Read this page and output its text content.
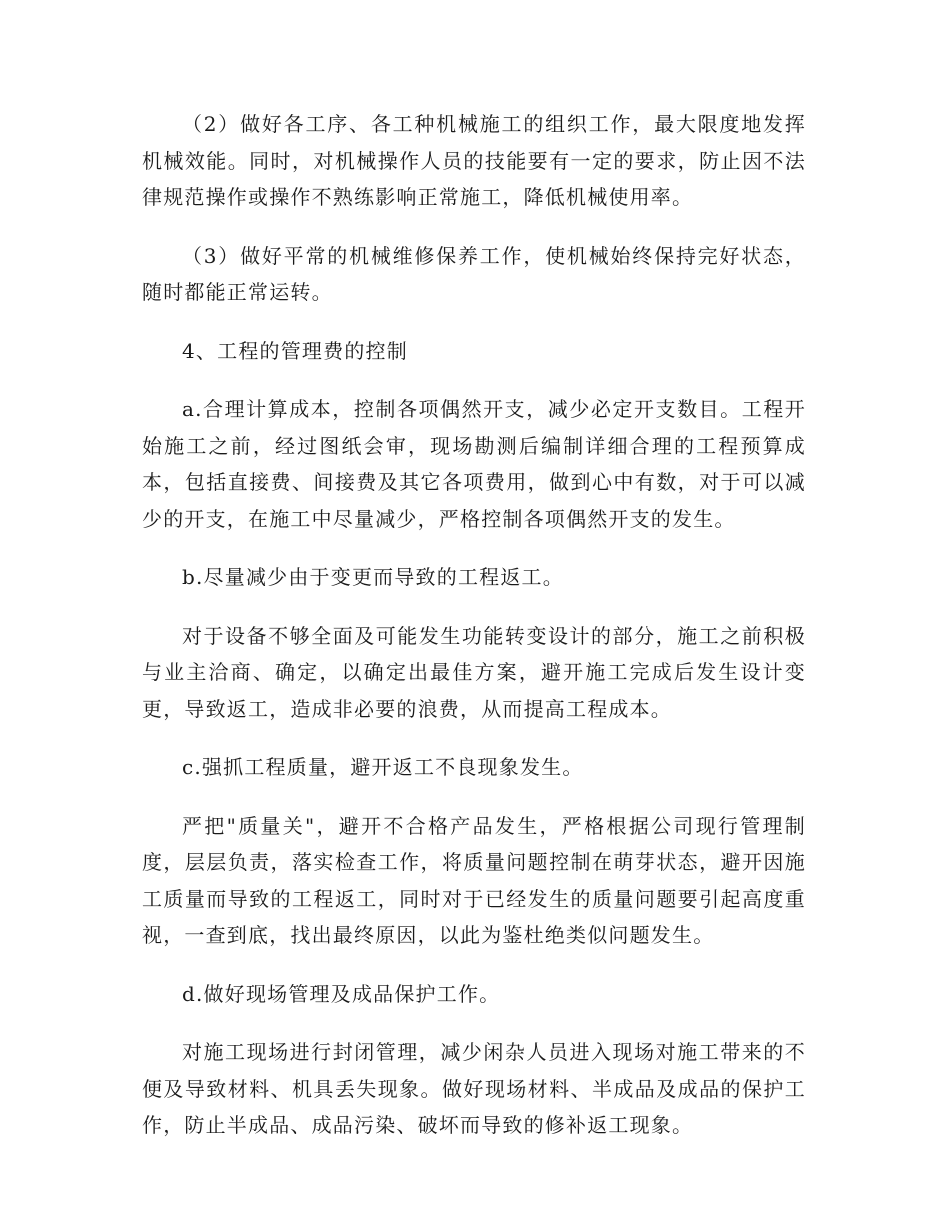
（2）做好各工序、各工种机械施工的组织工作，最大限度地发挥机械效能。同时，对机械操作人员的技能要有一定的要求，防止因不法律规范操作或操作不熟练影响正常施工，降低机械使用率。

（3）做好平常的机械维修保养工作，使机械始终保持完好状态，随时都能正常运转。

4、工程的管理费的控制

a.合理计算成本，控制各项偶然开支，减少必定开支数目。工程开始施工之前，经过图纸会审，现场勘测后编制详细合理的工程预算成本，包括直接费、间接费及其它各项费用，做到心中有数，对于可以减少的开支，在施工中尽量减少，严格控制各项偶然开支的发生。

b.尽量减少由于变更而导致的工程返工。

对于设备不够全面及可能发生功能转变设计的部分，施工之前积极与业主洽商、确定，以确定出最佳方案，避开施工完成后发生设计变更，导致返工，造成非必要的浪费，从而提高工程成本。

c.强抓工程质量，避开返工不良现象发生。

严把"质量关"，避开不合格产品发生，严格根据公司现行管理制度，层层负责，落实检查工作，将质量问题控制在萌芽状态，避开因施工质量而导致的工程返工，同时对于已经发生的质量问题要引起高度重视，一查到底，找出最终原因，以此为鉴杜绝类似问题发生。

d.做好现场管理及成品保护工作。

对施工现场进行封闭管理，减少闲杂人员进入现场对施工带来的不便及导致材料、机具丢失现象。做好现场材料、半成品及成品的保护工作，防止半成品、成品污染、破坏而导致的修补返工现象。
